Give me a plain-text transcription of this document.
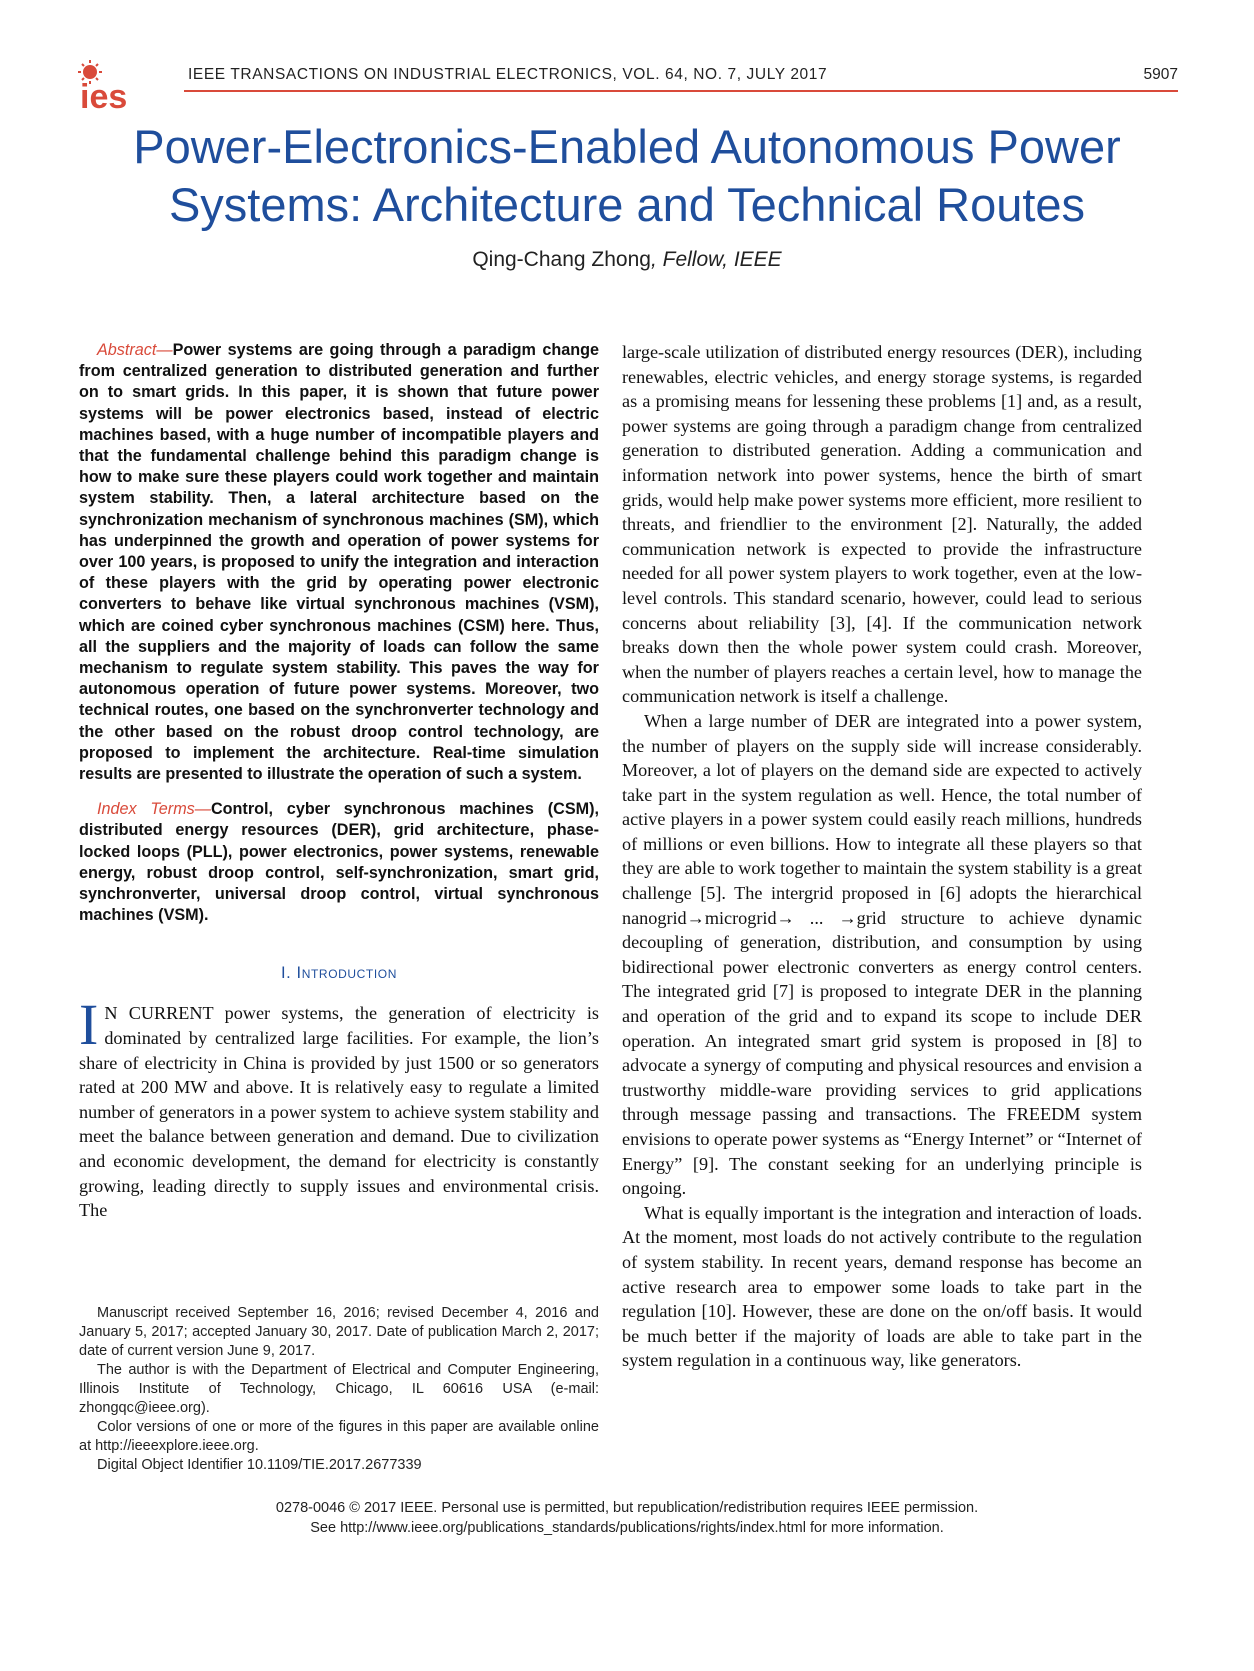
ies
IEEE TRANSACTIONS ON INDUSTRIAL ELECTRONICS, VOL. 64, NO. 7, JULY 2017	5907
Power-Electronics-Enabled Autonomous Power
Systems: Architecture and Technical Routes
Qing-Chang Zhong, Fellow, IEEE

Abstract—Power systems are going through a paradigm change from centralized generation to distributed generation and further on to smart grids. In this paper, it is shown that future power systems will be power electronics based, instead of electric machines based, with a huge number of incompatible players and that the fundamental challenge behind this paradigm change is how to make sure these players could work together and maintain system stability. Then, a lateral architecture based on the synchronization mechanism of synchronous machines (SM), which has underpinned the growth and operation of power systems for over 100 years, is proposed to unify the integration and interaction of these players with the grid by operating power electronic converters to behave like virtual synchronous machines (VSM), which are coined cyber synchronous machines (CSM) here. Thus, all the suppliers and the majority of loads can follow the same mechanism to regulate system stability. This paves the way for autonomous operation of future power systems. Moreover, two technical routes, one based on the synchronverter technology and the other based on the robust droop control technology, are proposed to implement the architecture. Real-time simulation results are presented to illustrate the operation of such a system.

Index Terms—Control, cyber synchronous machines (CSM), distributed energy resources (DER), grid architecture, phase-locked loops (PLL), power electronics, power systems, renewable energy, robust droop control, self-synchronization, smart grid, synchronverter, universal droop control, virtual synchronous machines (VSM).

I. Introduction

I N CURRENT power systems, the generation of electricity is dominated by centralized large facilities. For example, the lion’s share of electricity in China is provided by just 1500 or so generators rated at 200 MW and above. It is relatively easy to regulate a limited number of generators in a power system to achieve system stability and meet the balance between generation and demand. Due to civilization and economic development, the demand for electricity is constantly growing, leading directly to supply issues and environmental crisis. The

Manuscript received September 16, 2016; revised December 4, 2016 and January 5, 2017; accepted January 30, 2017. Date of publication March 2, 2017; date of current version June 9, 2017.

The author is with the Department of Electrical and Computer Engineering, Illinois Institute of Technology, Chicago, IL 60616 USA (e-mail: zhongqc@ieee.org).

Color versions of one or more of the figures in this paper are available online at http://ieeexplore.ieee.org.

Digital Object Identifier 10.1109/TIE.2017.2677339

large-scale utilization of distributed energy resources (DER), including renewables, electric vehicles, and energy storage systems, is regarded as a promising means for lessening these problems [1] and, as a result, power systems are going through a paradigm change from centralized generation to distributed generation. Adding a communication and information network into power systems, hence the birth of smart grids, would help make power systems more efficient, more resilient to threats, and friendlier to the environment [2]. Naturally, the added communication network is expected to provide the infrastructure needed for all power system players to work together, even at the low-level controls. This standard scenario, however, could lead to serious concerns about reliability [3], [4]. If the communication network breaks down then the whole power system could crash. Moreover, when the number of players reaches a certain level, how to manage the communication network is itself a challenge.

When a large number of DER are integrated into a power system, the number of players on the supply side will increase considerably. Moreover, a lot of players on the demand side are expected to actively take part in the system regulation as well. Hence, the total number of active players in a power system could easily reach millions, hundreds of millions or even billions. How to integrate all these players so that they are able to work together to maintain the system stability is a great challenge [5]. The intergrid proposed in [6] adopts the hierarchical nanogrid→microgrid→ ... →grid structure to achieve dynamic decoupling of generation, distribution, and consumption by using bidirectional power electronic converters as energy control centers. The integrated grid [7] is proposed to integrate DER in the planning and operation of the grid and to expand its scope to include DER operation. An integrated smart grid system is proposed in [8] to advocate a synergy of computing and physical resources and envision a trustworthy middle-ware providing services to grid applications through message passing and transactions. The FREEDM system envisions to operate power systems as “Energy Internet” or “Internet of Energy” [9]. The constant seeking for an underlying principle is ongoing.

What is equally important is the integration and interaction of loads. At the moment, most loads do not actively contribute to the regulation of system stability. In recent years, demand response has become an active research area to empower some loads to take part in the regulation [10]. However, these are done on the on/off basis. It would be much better if the majority of loads are able to take part in the system regulation in a continuous way, like generators.

0278-0046 © 2017 IEEE. Personal use is permitted, but republication/redistribution requires IEEE permission.
See http://www.ieee.org/publications_standards/publications/rights/index.html for more information.
